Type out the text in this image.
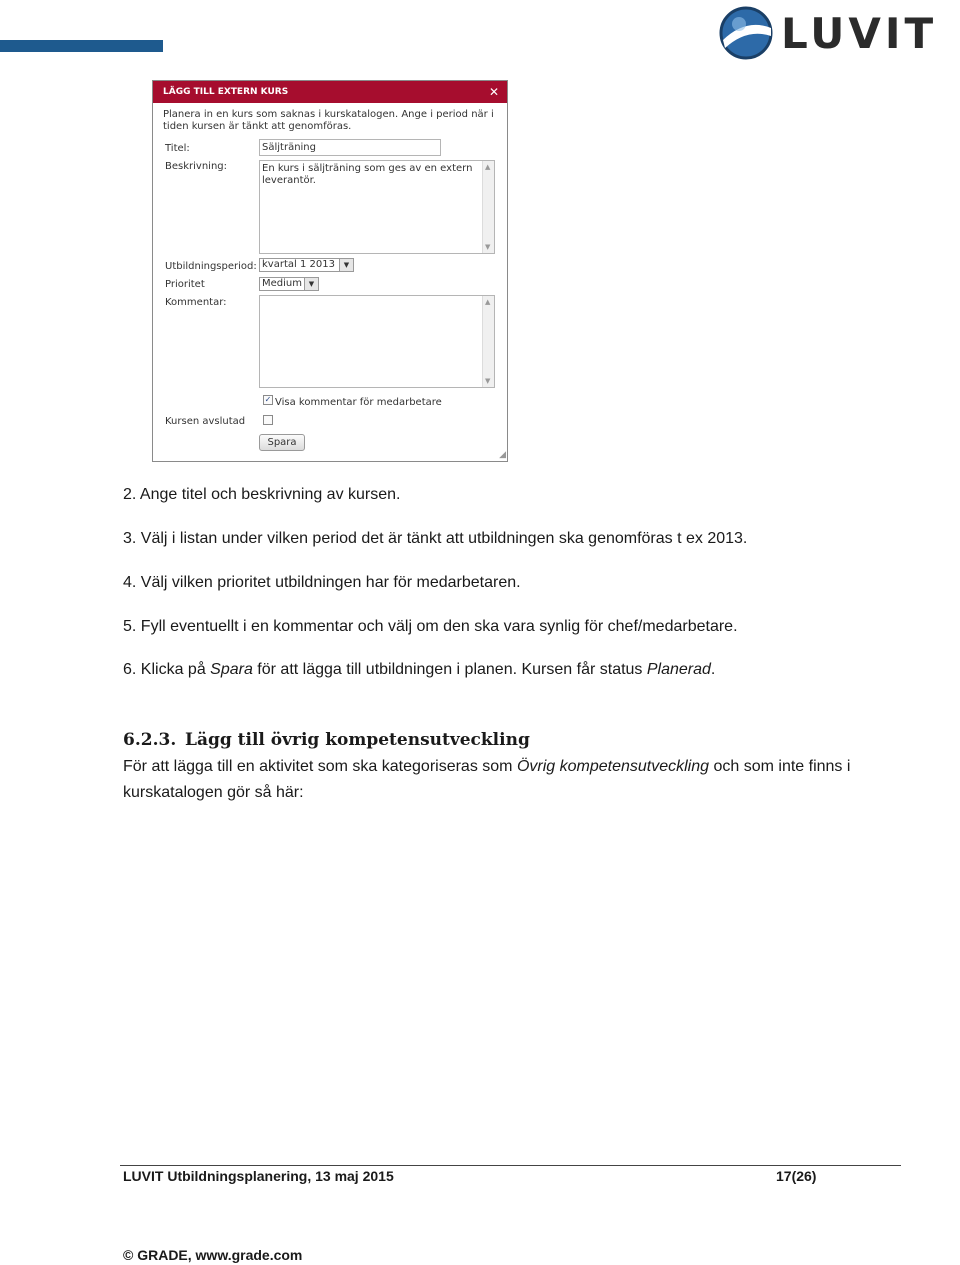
LUVIT
LÄGG TILL EXTERN KURS	✕
Planera in en kurs som saknas i kurskatalogen. Ange i period när i tiden kursen är tänkt att genomföras.
Titel:	Säljträning
Beskrivning:	En kurs i säljträning som ges av en extern leverantör.
▲
▼
Utbildningsperiod: kvartal 1 2013	▼
Prioritet	Medium ▼
Kommentar:	▲
▼
✓ Visa kommentar för medarbetare
Kursen avslutad
Spara
◢
2. Ange titel och beskrivning av kursen.
3. Välj i listan under vilken period det är tänkt att utbildningen ska genomföras t ex 2013.
4. Välj vilken prioritet utbildningen har för medarbetaren.
5. Fyll eventuellt i en kommentar och välj om den ska vara synlig för chef/medarbetare.
6. Klicka på Spara för att lägga till utbildningen i planen. Kursen får status Planerad.
6.2.3. Lägg till övrig kompetensutveckling
För att lägga till en aktivitet som ska kategoriseras som Övrig kompetensutveckling och som inte finns i kurskatalogen gör så här:
LUVIT Utbildningsplanering, 13 maj 2015	17(26)
© GRADE, www.grade.com
